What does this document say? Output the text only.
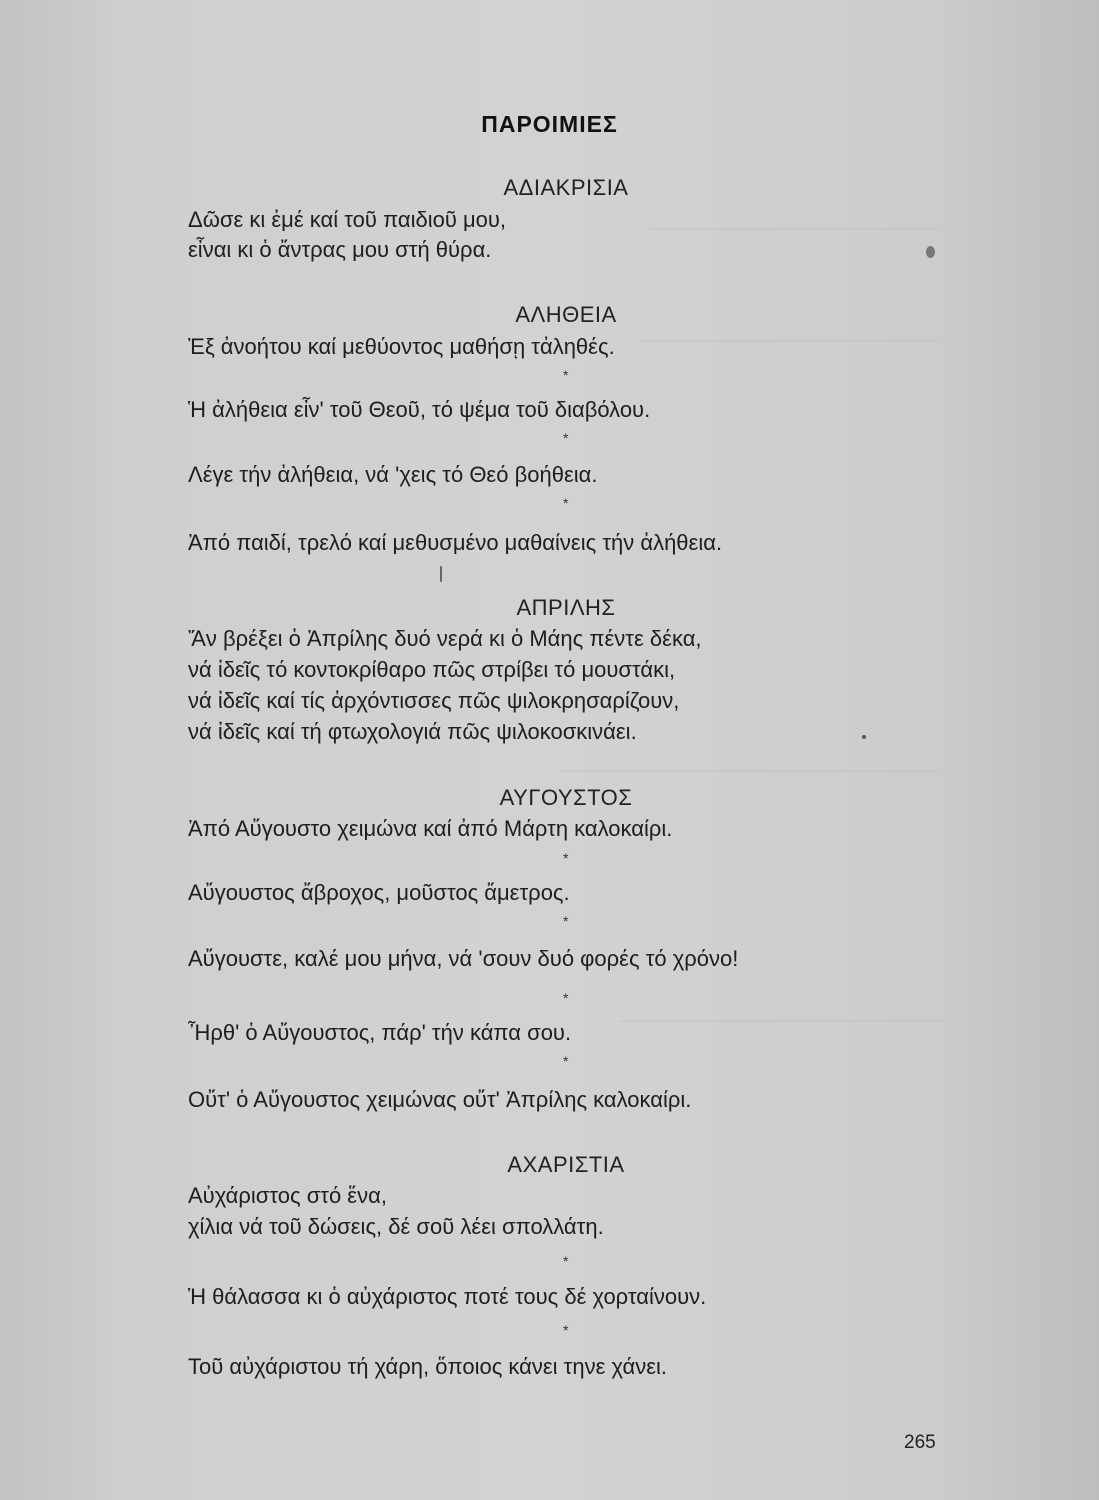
ΠΑΡΟΙΜΙΕΣ
ΑΔΙΑΚΡΙΣΙΑ
Δῶσε κι ἐμέ καί τοῦ παιδιοῦ μου,
εἶναι κι ὁ ἄντρας μου στή θύρα.
ΑΛΗΘΕΙΑ
Ἐξ ἀνοήτου καί μεθύοντος μαθήσῃ τἀληθές.
*
Ἡ ἀλήθεια εἶν' τοῦ Θεοῦ, τό ψέμα τοῦ διαβόλου.
*
Λέγε τήν ἀλήθεια, νά 'χεις τό Θεό βοήθεια.
*
Ἀπό παιδί, τρελό καί μεθυσμένο μαθαίνεις τήν ἀλήθεια.
ΑΠΡΙΛΗΣ
Ἄν βρέξει ὁ Ἀπρίλης δυό νερά κι ὁ Μάης πέντε δέκα,
νά ἰδεῖς τό κοντοκρίθαρο πῶς στρίβει τό μουστάκι,
νά ἰδεῖς καί τίς ἀρχόντισσες πῶς ψιλοκρησαρίζουν,
νά ἰδεῖς καί τή φτωχολογιά πῶς ψιλοκοσκινάει.
ΑΥΓΟΥΣΤΟΣ
Ἀπό Αὔγουστο χειμώνα καί ἀπό Μάρτη καλοκαίρι.
*
Αὔγουστος ἄβροχος, μοῦστος ἄμετρος.
*
Αὔγουστε, καλέ μου μήνα, νά 'σουν δυό φορές τό χρόνο!
*
Ἦρθ' ὁ Αὔγουστος, πάρ' τήν κάπα σου.
*
Οὔτ' ὁ Αὔγουστος χειμώνας οὔτ' Ἀπρίλης καλοκαίρι.
ΑΧΑΡΙΣΤΙΑ
Αὐχάριστος στό ἕνα,
χίλια νά τοῦ δώσεις, δέ σοῦ λέει σπολλάτη.
*
Ἡ θάλασσα κι ὁ αὐχάριστος ποτέ τους δέ χορταίνουν.
*
Τοῦ αὐχάριστου τή χάρη, ὅποιος κάνει τηνε χάνει.
265
